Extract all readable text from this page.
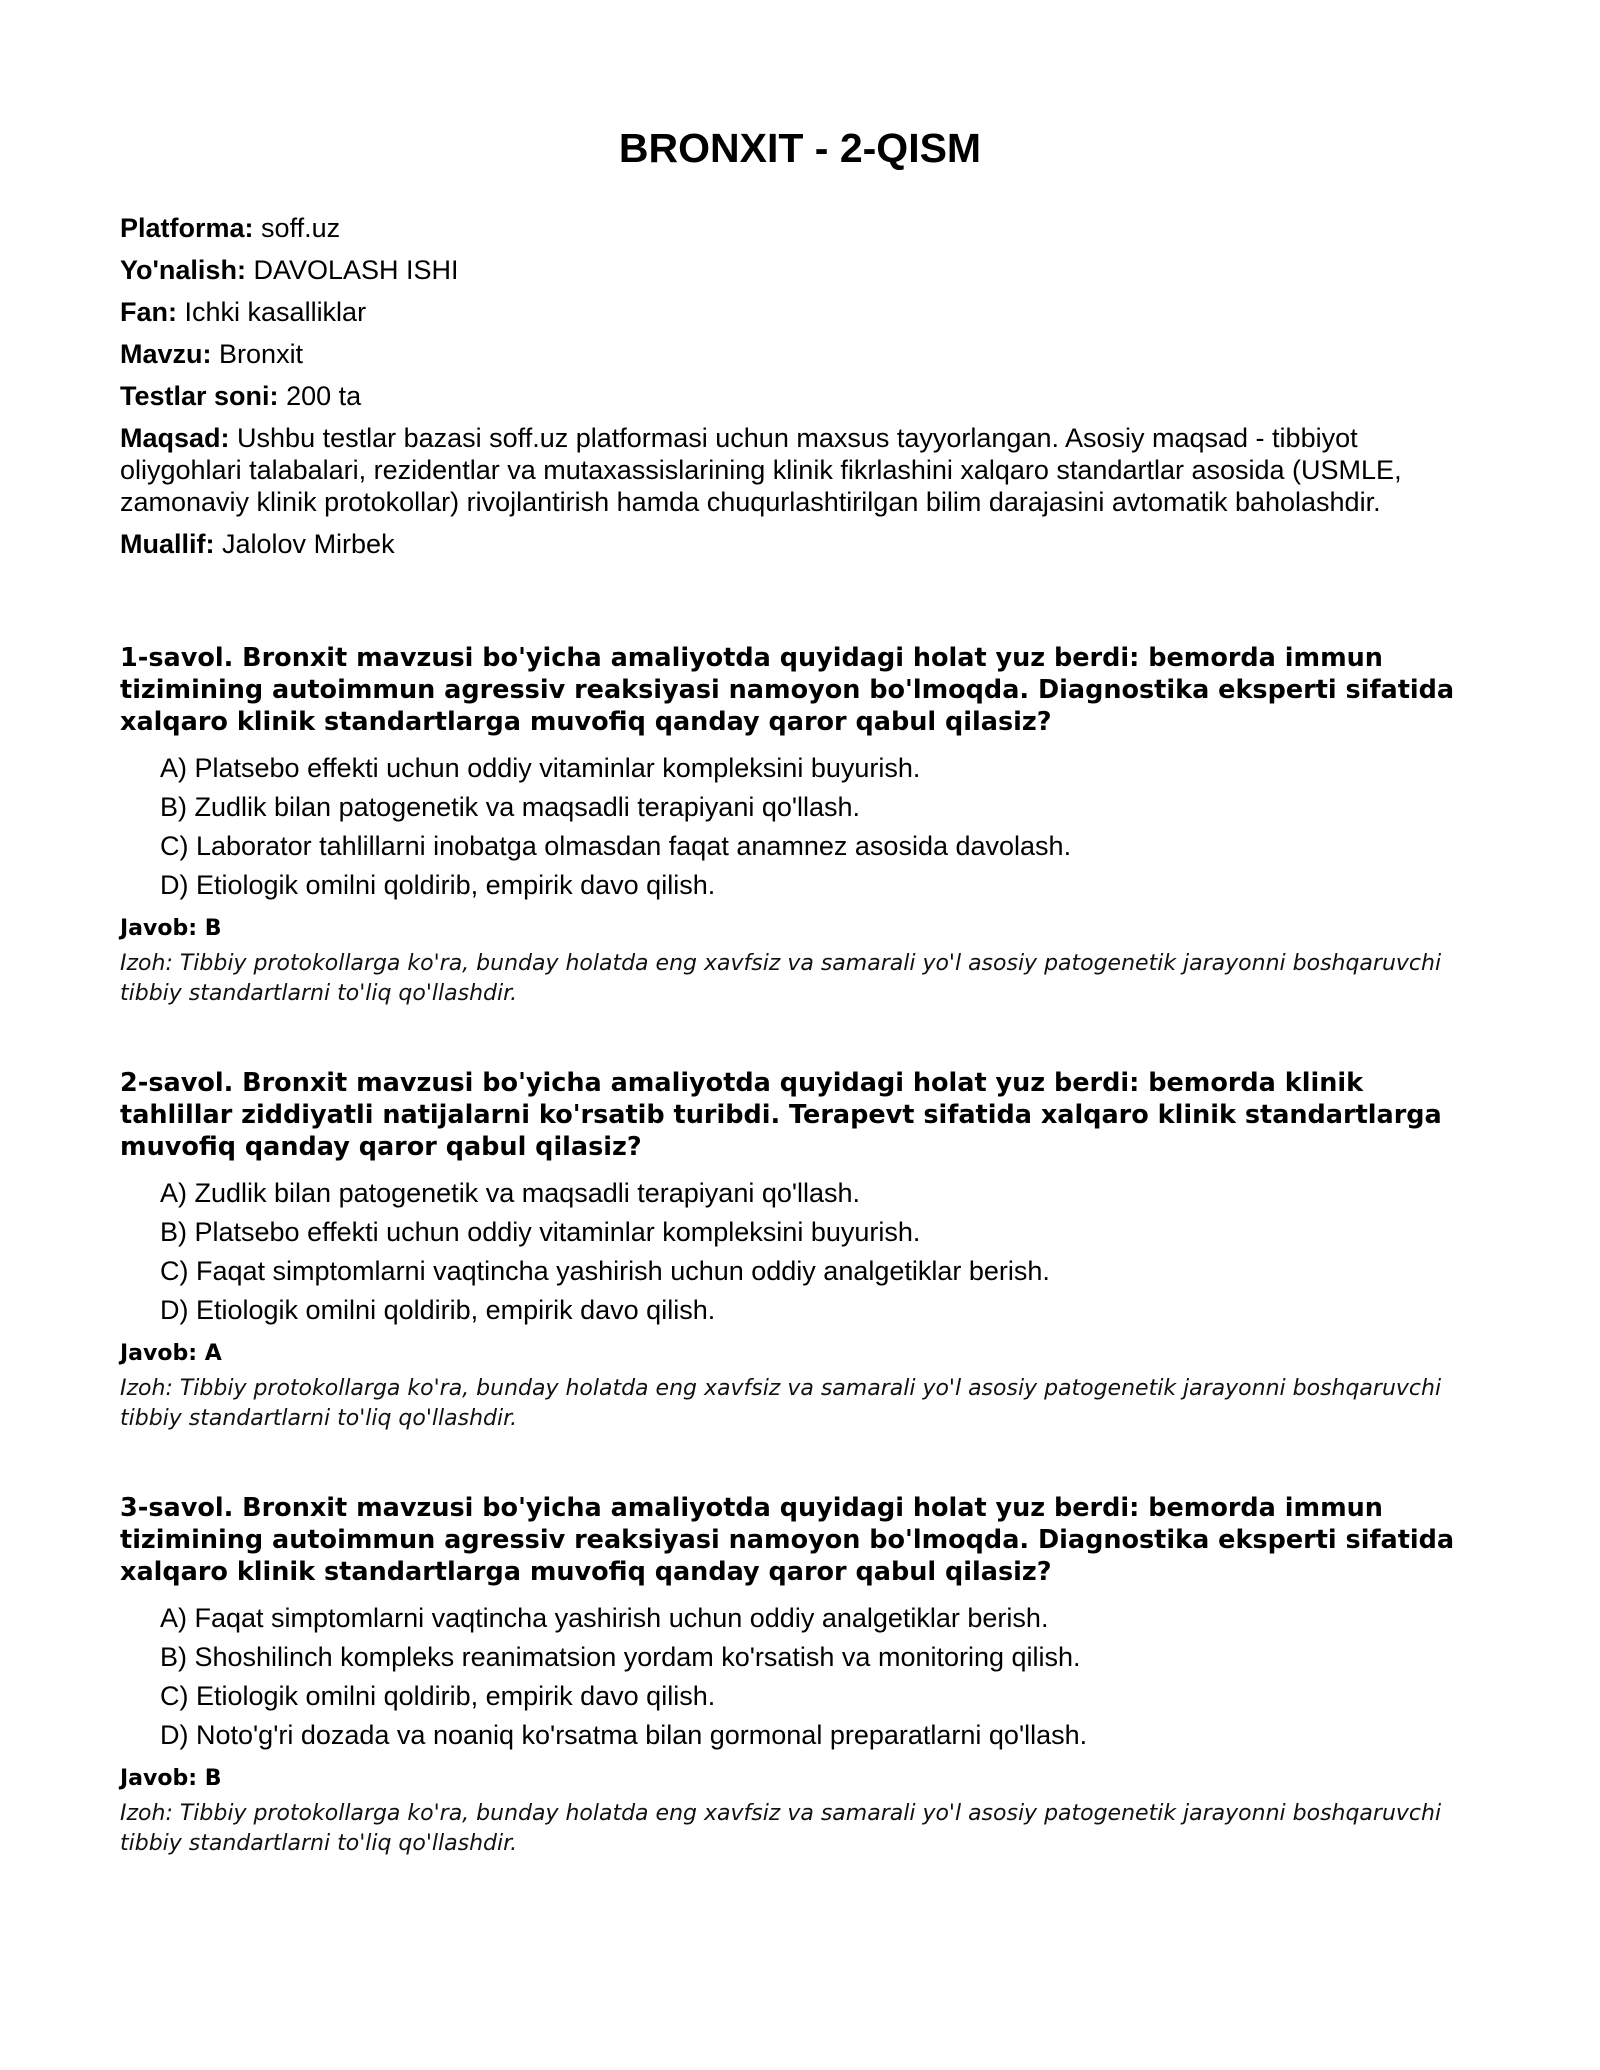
BRONXIT - 2-QISM

Platforma: soff.uz

Yo'nalish: DAVOLASH ISHI

Fan: Ichki kasalliklar

Mavzu: Bronxit

Testlar soni: 200 ta

Maqsad: Ushbu testlar bazasi soff.uz platformasi uchun maxsus tayyorlangan. Asosiy maqsad - tibbiyot oliygohlari talabalari, rezidentlar va mutaxassislarining klinik fikrlashini xalqaro standartlar asosida (USMLE, zamonaviy klinik protokollar) rivojlantirish hamda chuqurlashtirilgan bilim darajasini avtomatik baholashdir.

Muallif: Jalolov Mirbek

1-savol. Bronxit mavzusi bo'yicha amaliyotda quyidagi holat yuz berdi: bemorda immun tizimining autoimmun agressiv reaksiyasi namoyon bo'lmoqda. Diagnostika eksperti sifatida xalqaro klinik standartlarga muvofiq qanday qaror qabul qilasiz?

A) Platsebo effekti uchun oddiy vitaminlar kompleksini buyurish.
B) Zudlik bilan patogenetik va maqsadli terapiyani qo'llash.
C) Laborator tahlillarni inobatga olmasdan faqat anamnez asosida davolash.
D) Etiologik omilni qoldirib, empirik davo qilish.

Javob: B

Izoh: Tibbiy protokollarga ko'ra, bunday holatda eng xavfsiz va samarali yo'l asosiy patogenetik jarayonni boshqaruvchi tibbiy standartlarni to'liq qo'llashdir.

2-savol. Bronxit mavzusi bo'yicha amaliyotda quyidagi holat yuz berdi: bemorda klinik tahlillar ziddiyatli natijalarni ko'rsatib turibdi. Terapevt sifatida xalqaro klinik standartlarga muvofiq qanday qaror qabul qilasiz?

A) Zudlik bilan patogenetik va maqsadli terapiyani qo'llash.
B) Platsebo effekti uchun oddiy vitaminlar kompleksini buyurish.
C) Faqat simptomlarni vaqtincha yashirish uchun oddiy analgetiklar berish.
D) Etiologik omilni qoldirib, empirik davo qilish.

Javob: A

Izoh: Tibbiy protokollarga ko'ra, bunday holatda eng xavfsiz va samarali yo'l asosiy patogenetik jarayonni boshqaruvchi tibbiy standartlarni to'liq qo'llashdir.

3-savol. Bronxit mavzusi bo'yicha amaliyotda quyidagi holat yuz berdi: bemorda immun tizimining autoimmun agressiv reaksiyasi namoyon bo'lmoqda. Diagnostika eksperti sifatida xalqaro klinik standartlarga muvofiq qanday qaror qabul qilasiz?

A) Faqat simptomlarni vaqtincha yashirish uchun oddiy analgetiklar berish.
B) Shoshilinch kompleks reanimatsion yordam ko'rsatish va monitoring qilish.
C) Etiologik omilni qoldirib, empirik davo qilish.
D) Noto'g'ri dozada va noaniq ko'rsatma bilan gormonal preparatlarni qo'llash.

Javob: B

Izoh: Tibbiy protokollarga ko'ra, bunday holatda eng xavfsiz va samarali yo'l asosiy patogenetik jarayonni boshqaruvchi tibbiy standartlarni to'liq qo'llashdir.
